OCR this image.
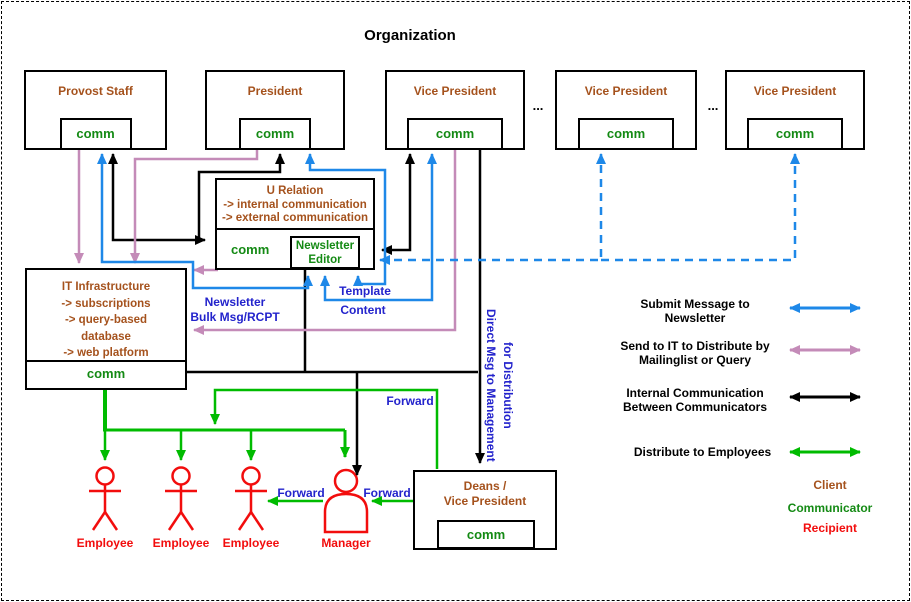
Organization
Provost Staff
comm
President
comm
Vice President
comm
...
Vice President
comm
...
Vice President
comm
U Relation
-> internal communication
-> external communication
comm	Newsletter
Editor
IT Infrastructure
-> subscriptions
-> query-based
database
-> web platform
comm
Deans /
Vice President
comm
Employee	Employee	Employee	Manager
Newsletter
Bulk Msg/RCPT
Template
Content
Forward
Forward	Forward
Direct Msg to Management for Distribution
Submit Message to
Newsletter
Send to IT to Distribute by
Mailinglist or Query
Internal Communication
Between Communicators
Distribute to Employees
Client
Communicator
Recipient
